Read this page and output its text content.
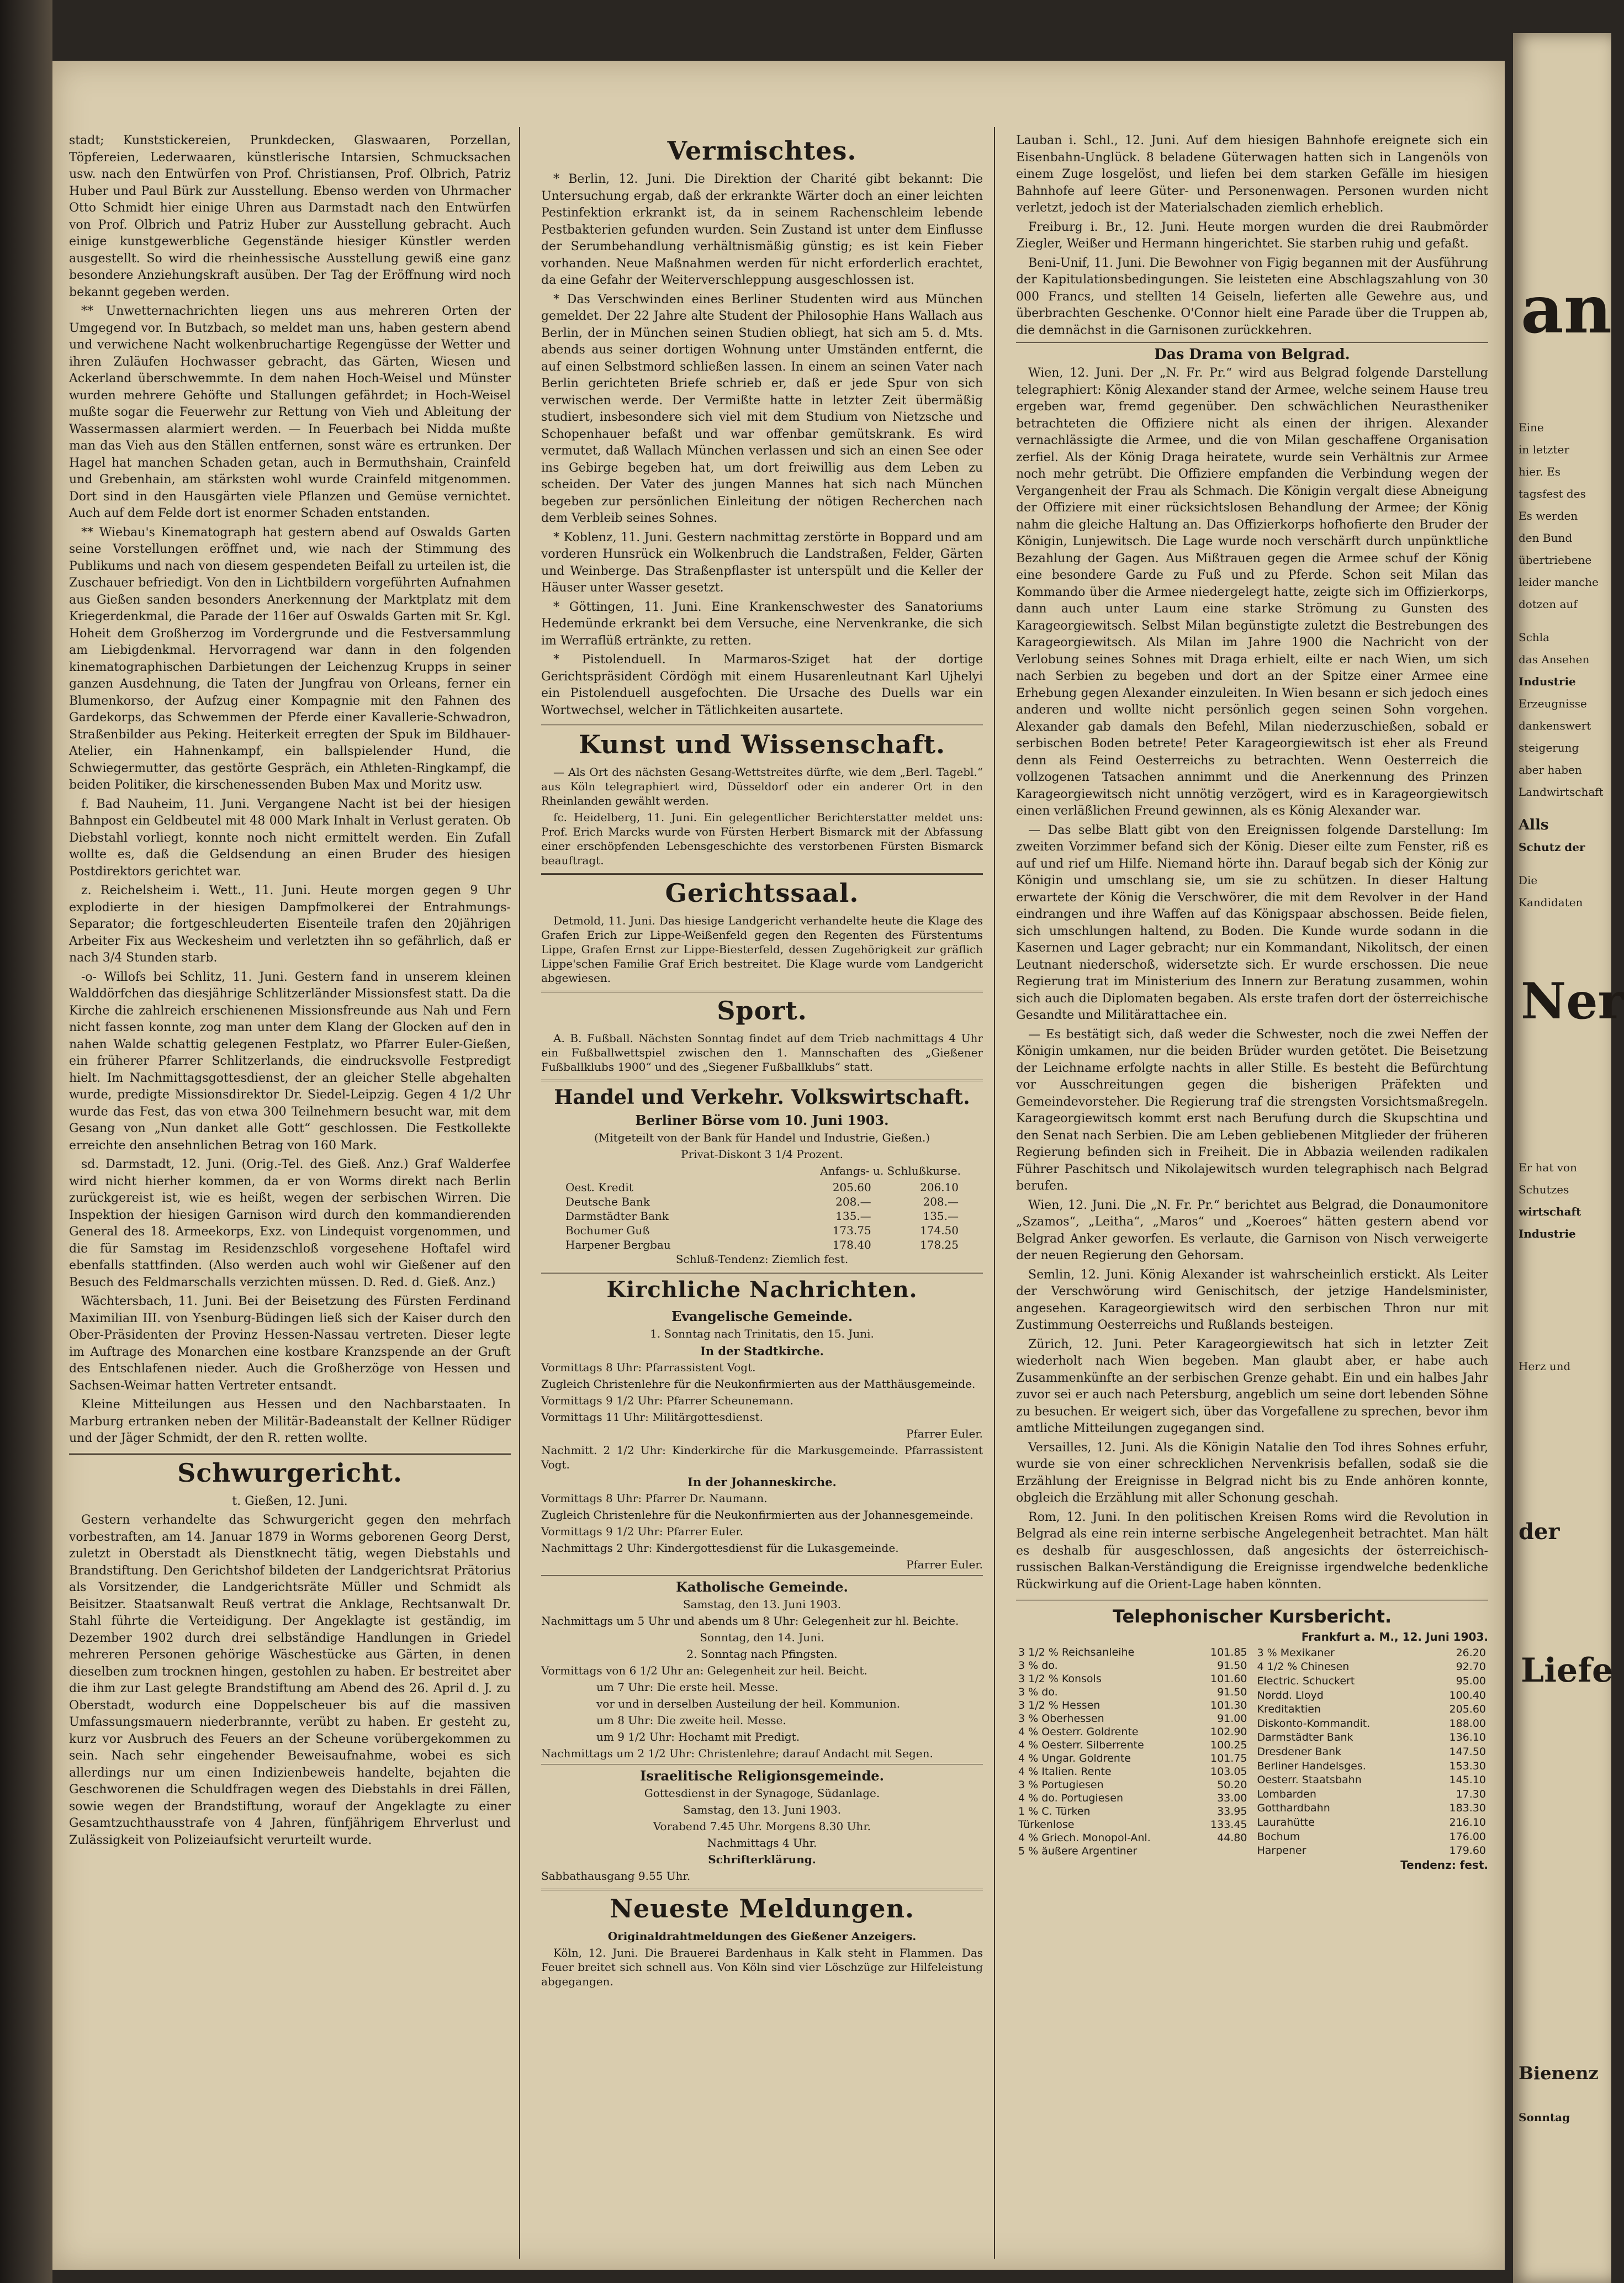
stadt; Kunststickereien, Prunkdecken, Glaswaaren, Porzellan, Töpfereien, Lederwaaren, künstlerische Intarsien, Schmucksachen usw. nach den Entwürfen von Prof. Christiansen, Prof. Olbrich, Patriz Huber und Paul Bürk zur Ausstellung. Ebenso werden von Uhrmacher Otto Schmidt hier einige Uhren aus Darmstadt nach den Entwürfen von Prof. Olbrich und Patriz Huber zur Ausstellung gebracht. Auch einige kunstgewerbliche Gegenstände hiesiger Künstler werden ausgestellt. So wird die rheinhessische Ausstellung gewiß eine ganz besondere Anziehungskraft ausüben. Der Tag der Eröffnung wird noch bekannt gegeben werden.

** Unwetternachrichten liegen uns aus mehreren Orten der Umgegend vor. In Butzbach, so meldet man uns, haben gestern abend und verwichene Nacht wolkenbruchartige Regengüsse der Wetter und ihren Zuläufen Hochwasser gebracht, das Gärten, Wiesen und Ackerland überschwemmte. In dem nahen Hoch-Weisel und Münster wurden mehrere Gehöfte und Stallungen gefährdet; in Hoch-Weisel mußte sogar die Feuerwehr zur Rettung von Vieh und Ableitung der Wassermassen alarmiert werden. — In Feuerbach bei Nidda mußte man das Vieh aus den Ställen entfernen, sonst wäre es ertrunken. Der Hagel hat manchen Schaden getan, auch in Bermuthshain, Crainfeld und Grebenhain, am stärksten wohl wurde Crainfeld mitgenommen. Dort sind in den Hausgärten viele Pflanzen und Gemüse vernichtet. Auch auf dem Felde dort ist enormer Schaden entstanden.

** Wiebau's Kinematograph hat gestern abend auf Oswalds Garten seine Vorstellungen eröffnet und, wie nach der Stimmung des Publikums und nach von diesem gespendeten Beifall zu urteilen ist, die Zuschauer befriedigt. Von den in Lichtbildern vorgeführten Aufnahmen aus Gießen sanden besonders Anerkennung der Marktplatz mit dem Kriegerdenkmal, die Parade der 116er auf Oswalds Garten mit Sr. Kgl. Hoheit dem Großherzog im Vordergrunde und die Festversammlung am Liebigdenkmal. Hervorragend war dann in den folgenden kinematographischen Darbietungen der Leichenzug Krupps in seiner ganzen Ausdehnung, die Taten der Jungfrau von Orleans, ferner ein Blumenkorso, der Aufzug einer Kompagnie mit den Fahnen des Gardekorps, das Schwemmen der Pferde einer Kavallerie-Schwadron, Straßenbilder aus Peking. Heiterkeit erregten der Spuk im Bildhauer-Atelier, ein Hahnenkampf, ein ballspielender Hund, die Schwiegermutter, das gestörte Gespräch, ein Athleten-Ringkampf, die beiden Politiker, die kirschenessenden Buben Max und Moritz usw.

f. Bad Nauheim, 11. Juni. Vergangene Nacht ist bei der hiesigen Bahnpost ein Geldbeutel mit 48 000 Mark Inhalt in Verlust geraten. Ob Diebstahl vorliegt, konnte noch nicht ermittelt werden. Ein Zufall wollte es, daß die Geldsendung an einen Bruder des hiesigen Postdirektors gerichtet war.

z. Reichelsheim i. Wett., 11. Juni. Heute morgen gegen 9 Uhr explodierte in der hiesigen Dampfmolkerei der Entrahmungs-Separator; die fortgeschleuderten Eisenteile trafen den 20jährigen Arbeiter Fix aus Weckesheim und verletzten ihn so gefährlich, daß er nach 3/4 Stunden starb.

-o- Willofs bei Schlitz, 11. Juni. Gestern fand in unserem kleinen Walddörfchen das diesjährige Schlitzerländer Missionsfest statt. Da die Kirche die zahlreich erschienenen Missionsfreunde aus Nah und Fern nicht fassen konnte, zog man unter dem Klang der Glocken auf den in nahen Walde schattig gelegenen Festplatz, wo Pfarrer Euler-Gießen, ein früherer Pfarrer Schlitzerlands, die eindrucksvolle Festpredigt hielt. Im Nachmittagsgottesdienst, der an gleicher Stelle abgehalten wurde, predigte Missionsdirektor Dr. Siedel-Leipzig. Gegen 4 1/2 Uhr wurde das Fest, das von etwa 300 Teilnehmern besucht war, mit dem Gesang von „Nun danket alle Gott“ geschlossen. Die Festkollekte erreichte den ansehnlichen Betrag von 160 Mark.

sd. Darmstadt, 12. Juni. (Orig.-Tel. des Gieß. Anz.) Graf Walderfee wird nicht hierher kommen, da er von Worms direkt nach Berlin zurückgereist ist, wie es heißt, wegen der serbischen Wirren. Die Inspektion der hiesigen Garnison wird durch den kommandierenden General des 18. Armeekorps, Exz. von Lindequist vorgenommen, und die für Samstag im Residenzschloß vorgesehene Hoftafel wird ebenfalls stattfinden. (Also werden auch wohl wir Gießener auf den Besuch des Feldmarschalls verzichten müssen. D. Red. d. Gieß. Anz.)

Wächtersbach, 11. Juni. Bei der Beisetzung des Fürsten Ferdinand Maximilian III. von Ysenburg-Büdingen ließ sich der Kaiser durch den Ober-Präsidenten der Provinz Hessen-Nassau vertreten. Dieser legte im Auftrage des Monarchen eine kostbare Kranzspende an der Gruft des Entschlafenen nieder. Auch die Großherzöge von Hessen und Sachsen-Weimar hatten Vertreter entsandt.

Kleine Mitteilungen aus Hessen und den Nachbarstaaten. In Marburg ertranken neben der Militär-Badeanstalt der Kellner Rüdiger und der Jäger Schmidt, der den R. retten wollte.

Schwurgericht.

t. Gießen, 12. Juni.

Gestern verhandelte das Schwurgericht gegen den mehrfach vorbestraften, am 14. Januar 1879 in Worms geborenen Georg Derst, zuletzt in Oberstadt als Dienstknecht tätig, wegen Diebstahls und Brandstiftung. Den Gerichtshof bildeten der Landgerichtsrat Prätorius als Vorsitzender, die Landgerichtsräte Müller und Schmidt als Beisitzer. Staatsanwalt Reuß vertrat die Anklage, Rechtsanwalt Dr. Stahl führte die Verteidigung. Der Angeklagte ist geständig, im Dezember 1902 durch drei selbständige Handlungen in Griedel mehreren Personen gehörige Wäschestücke aus Gärten, in denen dieselben zum trocknen hingen, gestohlen zu haben. Er bestreitet aber die ihm zur Last gelegte Brandstiftung am Abend des 26. April d. J. zu Oberstadt, wodurch eine Doppelscheuer bis auf die massiven Umfassungsmauern niederbrannte, verübt zu haben. Er gesteht zu, kurz vor Ausbruch des Feuers an der Scheune vorübergekommen zu sein. Nach sehr eingehender Beweisaufnahme, wobei es sich allerdings nur um einen Indizienbeweis handelte, bejahten die Geschworenen die Schuldfragen wegen des Diebstahls in drei Fällen, sowie wegen der Brandstiftung, worauf der Angeklagte zu einer Gesamtzuchthausstrafe von 4 Jahren, fünfjährigem Ehrverlust und Zulässigkeit von Polizeiaufsicht verurteilt wurde.

Vermischtes.

* Berlin, 12. Juni. Die Direktion der Charité gibt bekannt: Die Untersuchung ergab, daß der erkrankte Wärter doch an einer leichten Pestinfektion erkrankt ist, da in seinem Rachenschleim lebende Pestbakterien gefunden wurden. Sein Zustand ist unter dem Einflusse der Serumbehandlung verhältnismäßig günstig; es ist kein Fieber vorhanden. Neue Maßnahmen werden für nicht erforderlich erachtet, da eine Gefahr der Weiterverschleppung ausgeschlossen ist.

* Das Verschwinden eines Berliner Studenten wird aus München gemeldet. Der 22 Jahre alte Student der Philosophie Hans Wallach aus Berlin, der in München seinen Studien obliegt, hat sich am 5. d. Mts. abends aus seiner dortigen Wohnung unter Umständen entfernt, die auf einen Selbstmord schließen lassen. In einem an seinen Vater nach Berlin gerichteten Briefe schrieb er, daß er jede Spur von sich verwischen werde. Der Vermißte hatte in letzter Zeit übermäßig studiert, insbesondere sich viel mit dem Studium von Nietzsche und Schopenhauer befaßt und war offenbar gemütskrank. Es wird vermutet, daß Wallach München verlassen und sich an einen See oder ins Gebirge begeben hat, um dort freiwillig aus dem Leben zu scheiden. Der Vater des jungen Mannes hat sich nach München begeben zur persönlichen Einleitung der nötigen Recherchen nach dem Verbleib seines Sohnes.

* Koblenz, 11. Juni. Gestern nachmittag zerstörte in Boppard und am vorderen Hunsrück ein Wolkenbruch die Landstraßen, Felder, Gärten und Weinberge. Das Straßenpflaster ist unterspült und die Keller der Häuser unter Wasser gesetzt.

* Göttingen, 11. Juni. Eine Krankenschwester des Sanatoriums Hedemünde erkrankt bei dem Versuche, eine Nervenkranke, die sich im Werraflüß ertränkte, zu retten.

* Pistolenduell. In Marmaros-Sziget hat der dortige Gerichtspräsident Cördögh mit einem Husarenleutnant Karl Ujhelyi ein Pistolenduell ausgefochten. Die Ursache des Duells war ein Wortwechsel, welcher in Tätlichkeiten ausartete.

Kunst und Wissenschaft.

— Als Ort des nächsten Gesang-Wettstreites dürfte, wie dem „Berl. Tagebl.“ aus Köln telegraphiert wird, Düsseldorf oder ein anderer Ort in den Rheinlanden gewählt werden.

fc. Heidelberg, 11. Juni. Ein gelegentlicher Berichterstatter meldet uns: Prof. Erich Marcks wurde von Fürsten Herbert Bismarck mit der Abfassung einer erschöpfenden Lebensgeschichte des verstorbenen Fürsten Bismarck beauftragt.

Gerichtssaal.

Detmold, 11. Juni. Das hiesige Landgericht verhandelte heute die Klage des Grafen Erich zur Lippe-Weißenfeld gegen den Regenten des Fürstentums Lippe, Grafen Ernst zur Lippe-Biesterfeld, dessen Zugehörigkeit zur gräflich Lippe'schen Familie Graf Erich bestreitet. Die Klage wurde vom Landgericht abgewiesen.

Sport.

A. B. Fußball. Nächsten Sonntag findet auf dem Trieb nachmittags 4 Uhr ein Fußballwettspiel zwischen den 1. Mannschaften des „Gießener Fußballklubs 1900“ und des „Siegener Fußballklubs“ statt.

Handel und Verkehr. Volkswirtschaft.
Berliner Börse vom 10. Juni 1903.

(Mitgeteilt von der Bank für Handel und Industrie, Gießen.)

Privat-Diskont 3 1/4 Prozent.

Anfangs- u. Schlußkurse.

Oest. Kredit	205.60	206.10
Deutsche Bank	208.—	208.—
Darmstädter Bank	135.—	135.—
Bochumer Guß	173.75	174.50
Harpener Bergbau	178.40	178.25

Schluß-Tendenz: Ziemlich fest.

Kirchliche Nachrichten.
Evangelische Gemeinde.

1. Sonntag nach Trinitatis, den 15. Juni.

In der Stadtkirche.

Vormittags 8 Uhr: Pfarrassistent Vogt.

Zugleich Christenlehre für die Neukonfirmierten aus der Matthäusgemeinde.

Vormittags 9 1/2 Uhr: Pfarrer Scheunemann.

Vormittags 11 Uhr: Militärgottesdienst.

Pfarrer Euler.

Nachmitt. 2 1/2 Uhr: Kinderkirche für die Markusgemeinde. Pfarrassistent Vogt.

In der Johanneskirche.

Vormittags 8 Uhr: Pfarrer Dr. Naumann.

Zugleich Christenlehre für die Neukonfirmierten aus der Johannesgemeinde.

Vormittags 9 1/2 Uhr: Pfarrer Euler.

Nachmittags 2 Uhr: Kindergottesdienst für die Lukasgemeinde.

Pfarrer Euler.

Katholische Gemeinde.

Samstag, den 13. Juni 1903.

Nachmittags um 5 Uhr und abends um 8 Uhr: Gelegenheit zur hl. Beichte.

Sonntag, den 14. Juni.

2. Sonntag nach Pfingsten.

Vormittags von 6 1/2 Uhr an: Gelegenheit zur heil. Beicht.

um 7 Uhr: Die erste heil. Messe.

vor und in derselben Austeilung der heil. Kommunion.

um 8 Uhr: Die zweite heil. Messe.

um 9 1/2 Uhr: Hochamt mit Predigt.

Nachmittags um 2 1/2 Uhr: Christenlehre; darauf Andacht mit Segen.

Israelitische Religionsgemeinde.

Gottesdienst in der Synagoge, Südanlage.

Samstag, den 13. Juni 1903.

Vorabend 7.45 Uhr. Morgens 8.30 Uhr.

Nachmittags 4 Uhr.

Schrifterklärung.

Sabbathausgang 9.55 Uhr.

Neueste Meldungen.

Originaldrahtmeldungen des Gießener Anzeigers.

Köln, 12. Juni. Die Brauerei Bardenhaus in Kalk steht in Flammen. Das Feuer breitet sich schnell aus. Von Köln sind vier Löschzüge zur Hilfeleistung abgegangen.

Lauban i. Schl., 12. Juni. Auf dem hiesigen Bahnhofe ereignete sich ein Eisenbahn-Unglück. 8 beladene Güterwagen hatten sich in Langenöls von einem Zuge losgelöst, und liefen bei dem starken Gefälle im hiesigen Bahnhofe auf leere Güter- und Personenwagen. Personen wurden nicht verletzt, jedoch ist der Materialschaden ziemlich erheblich.

Freiburg i. Br., 12. Juni. Heute morgen wurden die drei Raubmörder Ziegler, Weißer und Hermann hingerichtet. Sie starben ruhig und gefaßt.

Beni-Unif, 11. Juni. Die Bewohner von Figig begannen mit der Ausführung der Kapitulationsbedingungen. Sie leisteten eine Abschlagszahlung von 30 000 Francs, und stellten 14 Geiseln, lieferten alle Gewehre aus, und überbrachten Geschenke. O'Connor hielt eine Parade über die Truppen ab, die demnächst in die Garnisonen zurückkehren.

Das Drama von Belgrad.

Wien, 12. Juni. Der „N. Fr. Pr.“ wird aus Belgrad folgende Darstellung telegraphiert: König Alexander stand der Armee, welche seinem Hause treu ergeben war, fremd gegenüber. Den schwächlichen Neurastheniker betrachteten die Offiziere nicht als einen der ihrigen. Alexander vernachlässigte die Armee, und die von Milan geschaffene Organisation zerfiel. Als der König Draga heiratete, wurde sein Verhältnis zur Armee noch mehr getrübt. Die Offiziere empfanden die Verbindung wegen der Vergangenheit der Frau als Schmach. Die Königin vergalt diese Abneigung der Offiziere mit einer rücksichtslosen Behandlung der Armee; der König nahm die gleiche Haltung an. Das Offizierkorps hofhofierte den Bruder der Königin, Lunjewitsch. Die Lage wurde noch verschärft durch unpünktliche Bezahlung der Gagen. Aus Mißtrauen gegen die Armee schuf der König eine besondere Garde zu Fuß und zu Pferde. Schon seit Milan das Kommando über die Armee niedergelegt hatte, zeigte sich im Offizierkorps, dann auch unter Laum eine starke Strömung zu Gunsten des Karageorgiewitsch. Selbst Milan begünstigte zuletzt die Bestrebungen des Karageorgiewitsch. Als Milan im Jahre 1900 die Nachricht von der Verlobung seines Sohnes mit Draga erhielt, eilte er nach Wien, um sich nach Serbien zu begeben und dort an der Spitze einer Armee eine Erhebung gegen Alexander einzuleiten. In Wien besann er sich jedoch eines anderen und wollte nicht persönlich gegen seinen Sohn vorgehen. Alexander gab damals den Befehl, Milan niederzuschießen, sobald er serbischen Boden betrete! Peter Karageorgiewitsch ist eher als Freund denn als Feind Oesterreichs zu betrachten. Wenn Oesterreich die vollzogenen Tatsachen annimmt und die Anerkennung des Prinzen Karageorgiewitsch nicht unnötig verzögert, wird es in Karageorgiewitsch einen verläßlichen Freund gewinnen, als es König Alexander war.

— Das selbe Blatt gibt von den Ereignissen folgende Darstellung: Im zweiten Vorzimmer befand sich der König. Dieser eilte zum Fenster, riß es auf und rief um Hilfe. Niemand hörte ihn. Darauf begab sich der König zur Königin und umschlang sie, um sie zu schützen. In dieser Haltung erwartete der König die Verschwörer, die mit dem Revolver in der Hand eindrangen und ihre Waffen auf das Königspaar abschossen. Beide fielen, sich umschlungen haltend, zu Boden. Die Kunde wurde sodann in die Kasernen und Lager gebracht; nur ein Kommandant, Nikolitsch, der einen Leutnant niederschoß, widersetzte sich. Er wurde erschossen. Die neue Regierung trat im Ministerium des Innern zur Beratung zusammen, wohin sich auch die Diplomaten begaben. Als erste trafen dort der österreichische Gesandte und Militärattachee ein.

— Es bestätigt sich, daß weder die Schwester, noch die zwei Neffen der Königin umkamen, nur die beiden Brüder wurden getötet. Die Beisetzung der Leichname erfolgte nachts in aller Stille. Es besteht die Befürchtung vor Ausschreitungen gegen die bisherigen Präfekten und Gemeindevorsteher. Die Regierung traf die strengsten Vorsichtsmaßregeln. Karageorgiewitsch kommt erst nach Berufung durch die Skupschtina und den Senat nach Serbien. Die am Leben gebliebenen Mitglieder der früheren Regierung befinden sich in Freiheit. Die in Abbazia weilenden radikalen Führer Paschitsch und Nikolajewitsch wurden telegraphisch nach Belgrad berufen.

Wien, 12. Juni. Die „N. Fr. Pr.“ berichtet aus Belgrad, die Donaumonitore „Szamos“, „Leitha“, „Maros“ und „Koeroes“ hätten gestern abend vor Belgrad Anker geworfen. Es verlaute, die Garnison von Nisch verweigerte der neuen Regierung den Gehorsam.

Semlin, 12. Juni. König Alexander ist wahrscheinlich erstickt. Als Leiter der Verschwörung wird Genischitsch, der jetzige Handelsminister, angesehen. Karageorgiewitsch wird den serbischen Thron nur mit Zustimmung Oesterreichs und Rußlands besteigen.

Zürich, 12. Juni. Peter Karageorgiewitsch hat sich in letzter Zeit wiederholt nach Wien begeben. Man glaubt aber, er habe auch Zusammenkünfte an der serbischen Grenze gehabt. Ein und ein halbes Jahr zuvor sei er auch nach Petersburg, angeblich um seine dort lebenden Söhne zu besuchen. Er weigert sich, über das Vorgefallene zu sprechen, bevor ihm amtliche Mitteilungen zugegangen sind.

Versailles, 12. Juni. Als die Königin Natalie den Tod ihres Sohnes erfuhr, wurde sie von einer schrecklichen Nervenkrisis befallen, sodaß sie die Erzählung der Ereignisse in Belgrad nicht bis zu Ende anhören konnte, obgleich die Erzählung mit aller Schonung geschah.

Rom, 12. Juni. In den politischen Kreisen Roms wird die Revolution in Belgrad als eine rein interne serbische Angelegenheit betrachtet. Man hält es deshalb für ausgeschlossen, daß angesichts der österreichisch-russischen Balkan-Verständigung die Ereignisse irgendwelche bedenkliche Rückwirkung auf die Orient-Lage haben könnten.

Telephonischer Kursbericht.
Frankfurt a. M., 12. Juni 1903.
3 1/2 % Reichsanleihe	101.85
3 % do.	91.50
3 1/2 % Konsols	101.60
3 % do.	91.50
3 1/2 % Hessen	101.30
3 % Oberhessen	91.00
4 % Oesterr. Goldrente	102.90
4 % Oesterr. Silberrente	100.25
4 % Ungar. Goldrente	101.75
4 % Italien. Rente	103.05
3 % Portugiesen	50.20
4 % do. Portugiesen	33.00
1 % C. Türken	33.95
Türkenlose	133.45
4 % Griech. Monopol-Anl.	44.80
5 % äußere Argentiner	
3 % Mexikaner	26.20
4 1/2 % Chinesen	92.70
Electric. Schuckert	95.00
Nordd. Lloyd	100.40
Kreditaktien	205.60
Diskonto-Kommandit.	188.00
Darmstädter Bank	136.10
Dresdener Bank	147.50
Berliner Handelsges.	153.30
Oesterr. Staatsbahn	145.10
Lombarden	17.30
Gotthardbahn	183.30
Laurahütte	216.10
Bochum	176.00
Harpener	179.60

Tendenz: fest.

an
Eine
in letzter
hier. Es
tagsfest des
Es werden
den Bund
übertriebene
leider manche
dotzen auf
Schla
das Ansehen
Industrie
Erzeugnisse
dankenswert
steigerung
aber haben
Landwirtschaft
Alls
Schutz der
Die
Kandidaten
Ner
Er hat von
Schutzes
wirtschaft
Industrie
Herz und
der
Liefe
Bienenz
Sonntag
